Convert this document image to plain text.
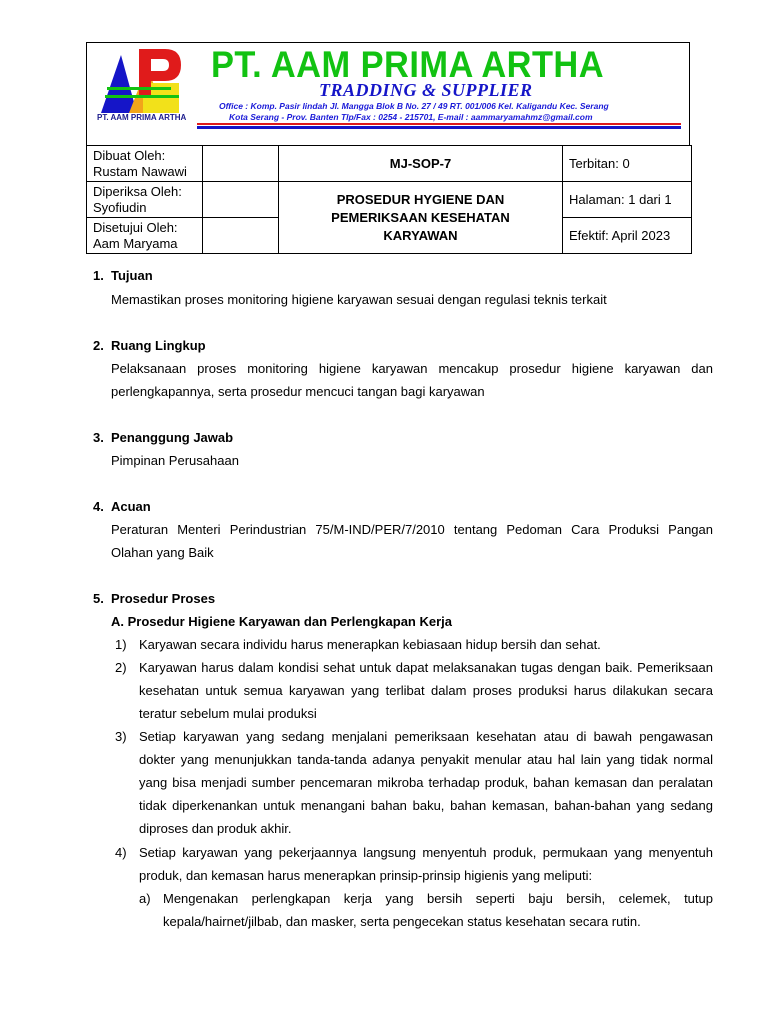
PT. AAM PRIMA ARTHA
PT. AAM PRIMA ARTHA
TRADDING & SUPPLIER
Office : Komp. Pasir lindah Jl. Mangga Blok B No. 27 / 49 RT. 001/006 Kel. Kaligandu Kec. Serang
Kota Serang - Prov. Banten Tlp/Fax : 0254 - 215701, E-mail : aammaryamahmz@gmail.com
Dibuat Oleh:
Rustam Nawawi		MJ-SOP-7	Terbitan: 0

Diperiksa Oleh:
Syofiudin		PROSEDUR HYGIENE DAN PEMERIKSAAN KESEHATAN KARYAWAN	Halaman: 1 dari 1

Disetujui Oleh:
Aam Maryama			Efektif: April 2023
1. Tujuan
Memastikan proses monitoring higiene karyawan sesuai dengan regulasi teknis terkait
2. Ruang Lingkup
Pelaksanaan proses monitoring higiene karyawan mencakup prosedur higiene karyawan dan perlengkapannya, serta prosedur mencuci tangan bagi karyawan
3. Penanggung Jawab
Pimpinan Perusahaan
4. Acuan
Peraturan Menteri Perindustrian 75/M-IND/PER/7/2010 tentang Pedoman Cara Produksi Pangan Olahan yang Baik
5. Prosedur Proses
A. Prosedur Higiene Karyawan dan Perlengkapan Kerja
1) Karyawan secara individu harus menerapkan kebiasaan hidup bersih dan sehat.
2) Karyawan harus dalam kondisi sehat untuk dapat melaksanakan tugas dengan baik. Pemeriksaan kesehatan untuk semua karyawan yang terlibat dalam proses produksi harus dilakukan secara teratur sebelum mulai produksi
3) Setiap karyawan yang sedang menjalani pemeriksaan kesehatan atau di bawah pengawasan dokter yang menunjukkan tanda-tanda adanya penyakit menular atau hal lain yang tidak normal yang bisa menjadi sumber pencemaran mikroba terhadap produk, bahan kemasan dan peralatan tidak diperkenankan untuk menangani bahan baku, bahan kemasan, bahan-bahan yang sedang diproses dan produk akhir.
4) Setiap karyawan yang pekerjaannya langsung menyentuh produk, permukaan yang menyentuh produk, dan kemasan harus menerapkan prinsip-prinsip higienis yang meliputi:
a) Mengenakan perlengkapan kerja yang bersih seperti baju bersih, celemek, tutup kepala/hairnet/jilbab, dan masker, serta pengecekan status kesehatan secara rutin.
